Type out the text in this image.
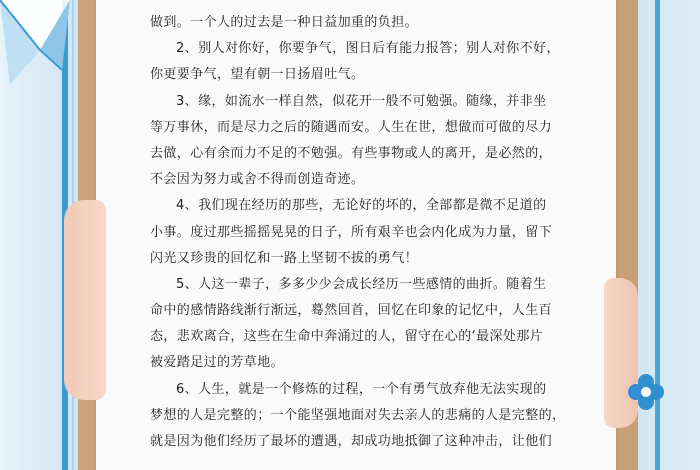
做到。一个人的过去是一种日益加重的负担。
2、别人对你好，你要争气，图日后有能力报答；别人对你不好，
你更要争气，望有朝一日扬眉吐气。
3、缘，如流水一样自然，似花开一般不可勉强。随缘，并非坐
等万事休，而是尽力之后的随遇而安。人生在世，想做而可做的尽力
去做，心有余而力不足的不勉强。有些事物或人的离开，是必然的，
不会因为努力或舍不得而创造奇迹。
4、我们现在经历的那些，无论好的坏的，全部都是微不足道的
小事。度过那些摇摇晃晃的日子，所有艰辛也会内化成为力量，留下
闪光又珍贵的回忆和一路上坚韧不拔的勇气！
5、人这一辈子，多多少少会成长经历一些感情的曲折。随着生
命中的感情路线渐行渐远，蓦然回首，回忆在印象的记忆中，人生百
态，悲欢离合，这些在生命中奔涌过的人，留守在心的‘最深处那片
被爱踏足过的芳草地。
6、人生，就是一个修炼的过程，一个有勇气放弃他无法实现的
梦想的人是完整的；一个能坚强地面对失去亲人的悲痛的人是完整的，
就是因为他们经历了最坏的遭遇，却成功地抵御了这种冲击，让他们
